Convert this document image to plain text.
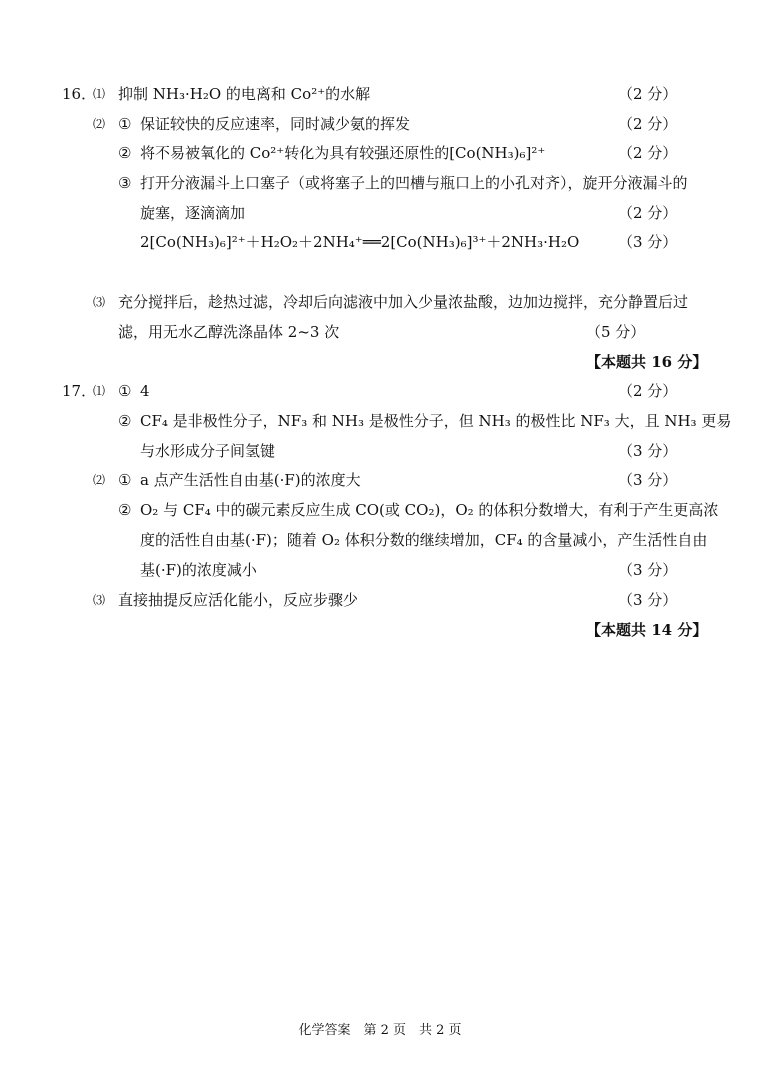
16．
⑴ 抑制 NH₃·H₂O 的电离和 Co²⁺的水解	（2 分）
⑵ ① 保证较快的反应速率，同时减少氨的挥发	（2 分）
② 将不易被氧化的 Co²⁺转化为具有较强还原性的[Co(NH₃)₆]²⁺	（2 分）
③ 打开分液漏斗上口塞子（或将塞子上的凹槽与瓶口上的小孔对齐），旋开分液漏斗的
旋塞，逐滴滴加	（2 分）
2[Co(NH₃)₆]²⁺＋H₂O₂＋2NH₄⁺══2[Co(NH₃)₆]³⁺＋2NH₃·H₂O	（3 分）
⑶ 充分搅拌后，趁热过滤，冷却后向滤液中加入少量浓盐酸，边加边搅拌，充分静置后过
滤，用无水乙醇洗涤晶体 2~3 次	（5 分）
【本题共 16 分】
17．
⑴ ① 4	（2 分）
② CF₄ 是非极性分子，NF₃ 和 NH₃ 是极性分子，但 NH₃ 的极性比 NF₃ 大，且 NH₃ 更易
与水形成分子间氢键	（3 分）
⑵ ① a 点产生活性自由基(·F)的浓度大	（3 分）
② O₂ 与 CF₄ 中的碳元素反应生成 CO(或 CO₂)，O₂ 的体积分数增大，有利于产生更高浓
度的活性自由基(·F)；随着 O₂ 体积分数的继续增加，CF₄ 的含量减小，产生活性自由
基(·F)的浓度减小	（3 分）
⑶ 直接抽提反应活化能小，反应步骤少	（3 分）
【本题共 14 分】
化学答案　第 2 页　共 2 页
